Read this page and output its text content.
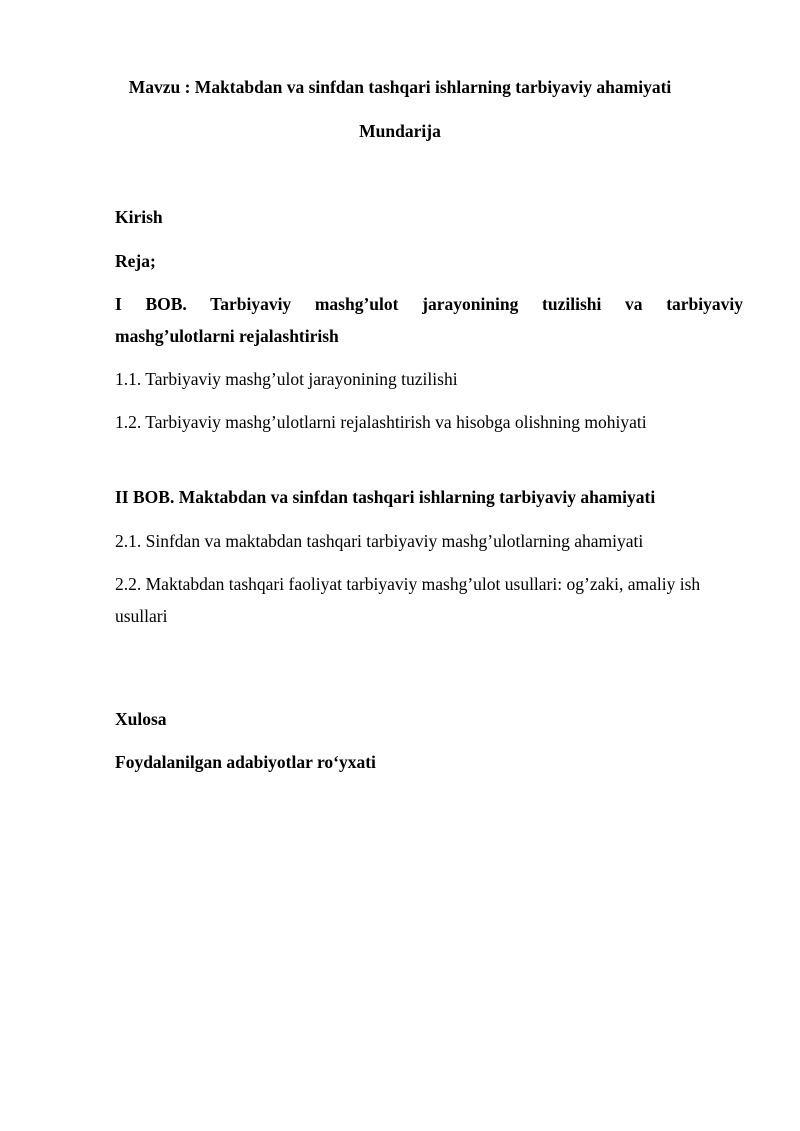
Mavzu : Maktabdan va sinfdan tashqari ishlarning tarbiyaviy ahamiyati
Mundarija
Kirish
Reja;
I BOB. Tarbiyaviy mashg’ulot jarayonining tuzilishi va tarbiyaviy
mashg’ulotlarni rejalashtirish
1.1. Tarbiyaviy mashg’ulot jarayonining tuzilishi
1.2. Tarbiyaviy mashg’ulotlarni rejalashtirish va hisobga olishning mohiyati
II BOB. Maktabdan va sinfdan tashqari ishlarning tarbiyaviy ahamiyati
2.1. Sinfdan va maktabdan tashqari tarbiyaviy mashg’ulotlarning ahamiyati
2.2. Maktabdan tashqari faoliyat tarbiyaviy mashg’ulot usullari: og’zaki, amaliy ish
usullari
Xulosa
Foydalanilgan adabiyotlar ro‘yxati
